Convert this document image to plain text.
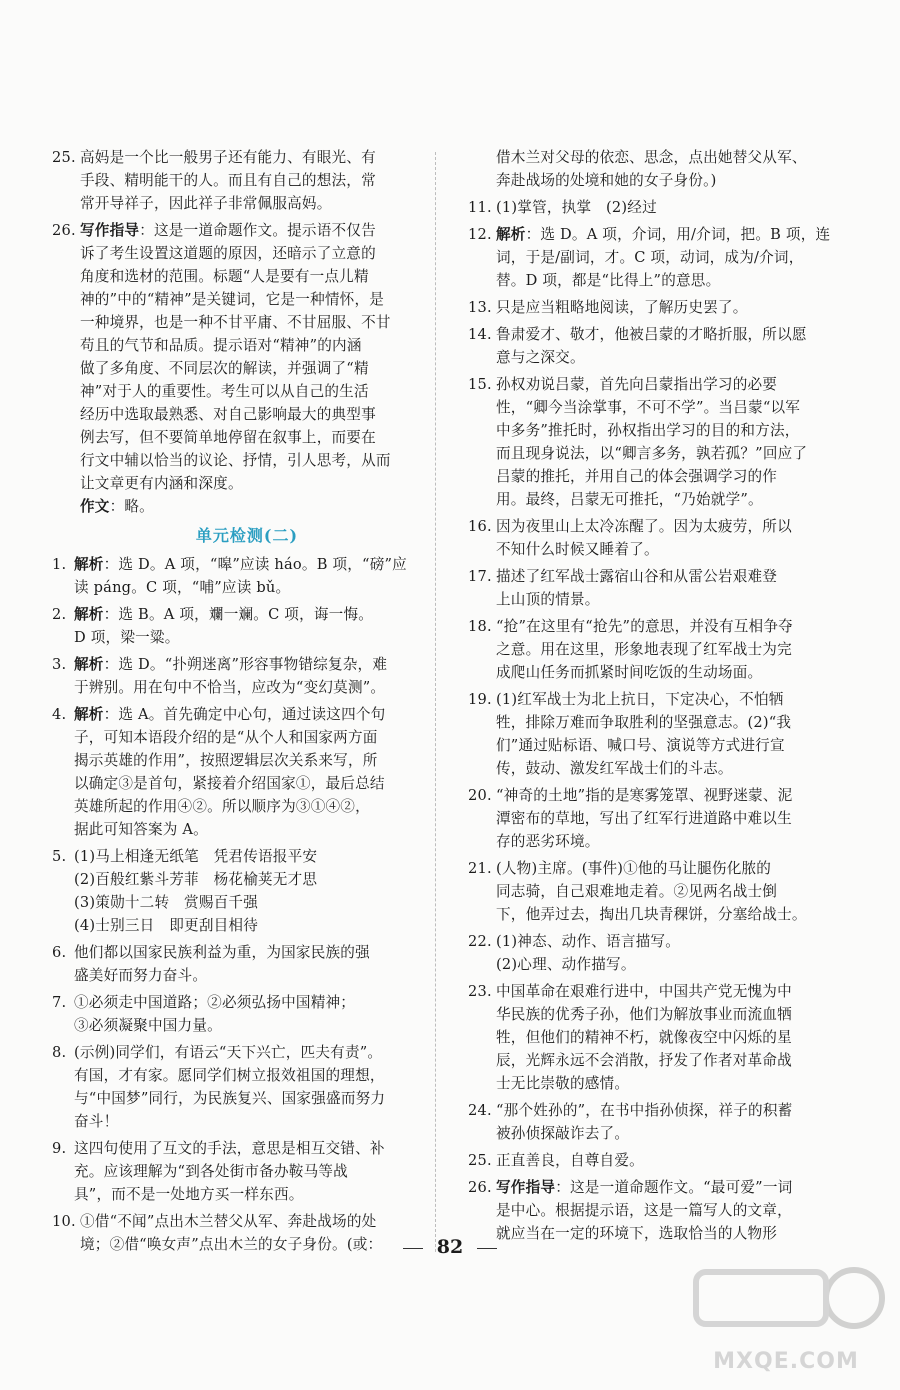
25. 高妈是一个比一般男子还有能力、有眼光、有
手段、精明能干的人。而且有自己的想法，常
常开导祥子，因此祥子非常佩服高妈。
26. 写作指导：这是一道命题作文。提示语不仅告
诉了考生设置这道题的原因，还暗示了立意的
角度和选材的范围。标题“人是要有一点儿精
神的”中的“精神”是关键词，它是一种情怀，是
一种境界，也是一种不甘平庸、不甘屈服、不甘
苟且的气节和品质。提示语对“精神”的内涵
做了多角度、不同层次的解读，并强调了“精
神”对于人的重要性。考生可以从自己的生活
经历中选取最熟悉、对自己影响最大的典型事
例去写，但不要简单地停留在叙事上，而要在
行文中辅以恰当的议论、抒情，引人思考，从而
让文章更有内涵和深度。
作文：略。
单元检测(二)
1. 解析：选 D。A 项，“嗥”应读 háo。B 项，“磅”应
读 páng。C 项，“哺”应读 bǔ。
2. 解析：选 B。A 项，斕一斓。C 项，诲一悔。
D 项，梁一粱。
3. 解析：选 D。“扑朔迷离”形容事物错综复杂，难
于辨别。用在句中不恰当，应改为“变幻莫测”。
4. 解析：选 A。首先确定中心句，通过读这四个句
子，可知本语段介绍的是“从个人和国家两方面
揭示英雄的作用”，按照逻辑层次关系来写，所
以确定③是首句，紧接着介绍国家①，最后总结
英雄所起的作用④②。所以顺序为③①④②，
据此可知答案为 A。
5. (1)马上相逢无纸笔　凭君传语报平安
(2)百般红紫斗芳菲　杨花榆荚无才思
(3)策勋十二转　赏赐百千强
(4)士别三日　即更刮目相待
6. 他们都以国家民族利益为重，为国家民族的强
盛美好而努力奋斗。
7. ①必须走中国道路；②必须弘扬中国精神；
③必须凝聚中国力量。
8. (示例)同学们，有语云“天下兴亡，匹夫有责”。
有国，才有家。愿同学们树立报效祖国的理想，
与“中国梦”同行，为民族复兴、国家强盛而努力
奋斗！
9. 这四句使用了互文的手法，意思是相互交错、补
充。应该理解为“到各处街市备办鞍马等战
具”，而不是一处地方买一样东西。
10. ①借“不闻”点出木兰替父从军、奔赴战场的处
境；②借“唤女声”点出木兰的女子身份。(或：
借木兰对父母的依恋、思念，点出她替父从军、
奔赴战场的处境和她的女子身份。)
11. (1)掌管，执掌　(2)经过
12. 解析：选 D。A 项，介词，用/介词，把。B 项，连
词，于是/副词，才。C 项，动词，成为/介词，
替。D 项，都是“比得上”的意思。
13. 只是应当粗略地阅读，了解历史罢了。
14. 鲁肃爱才、敬才，他被吕蒙的才略折服，所以愿
意与之深交。
15. 孙权劝说吕蒙，首先向吕蒙指出学习的必要
性，“卿今当涂掌事，不可不学”。当吕蒙“以军
中多务”推托时，孙权指出学习的目的和方法，
而且现身说法，以“卿言多务，孰若孤？”回应了
吕蒙的推托，并用自己的体会强调学习的作
用。最终，吕蒙无可推托，“乃始就学”。
16. 因为夜里山上太冷冻醒了。因为太疲劳，所以
不知什么时候又睡着了。
17. 描述了红军战士露宿山谷和从雷公岩艰难登
上山顶的情景。
18. “抢”在这里有“抢先”的意思，并没有互相争夺
之意。用在这里，形象地表现了红军战士为完
成爬山任务而抓紧时间吃饭的生动场面。
19. (1)红军战士为北上抗日，下定决心，不怕牺
牲，排除万难而争取胜利的坚强意志。(2)“我
们”通过贴标语、喊口号、演说等方式进行宣
传，鼓动、激发红军战士们的斗志。
20. “神奇的土地”指的是寒雾笼罩、视野迷蒙、泥
潭密布的草地，写出了红军行进道路中难以生
存的恶劣环境。
21. (人物)主席。(事件)①他的马让腿伤化脓的
同志骑，自己艰难地走着。②见两名战士倒
下，他弄过去，掏出几块青稞饼，分塞给战士。
22. (1)神态、动作、语言描写。
(2)心理、动作描写。
23. 中国革命在艰难行进中，中国共产党无愧为中
华民族的优秀子孙，他们为解放事业而流血牺
牲，但他们的精神不朽，就像夜空中闪烁的星
辰，光辉永远不会消散，抒发了作者对革命战
士无比崇敬的感情。
24. “那个姓孙的”，在书中指孙侦探，祥子的积蓄
被孙侦探敲诈去了。
25. 正直善良，自尊自爱。
26. 写作指导：这是一道命题作文。“最可爱”一词
是中心。根据提示语，这是一篇写人的文章，
就应当在一定的环境下，选取恰当的人物形
82
MXQE.COM
